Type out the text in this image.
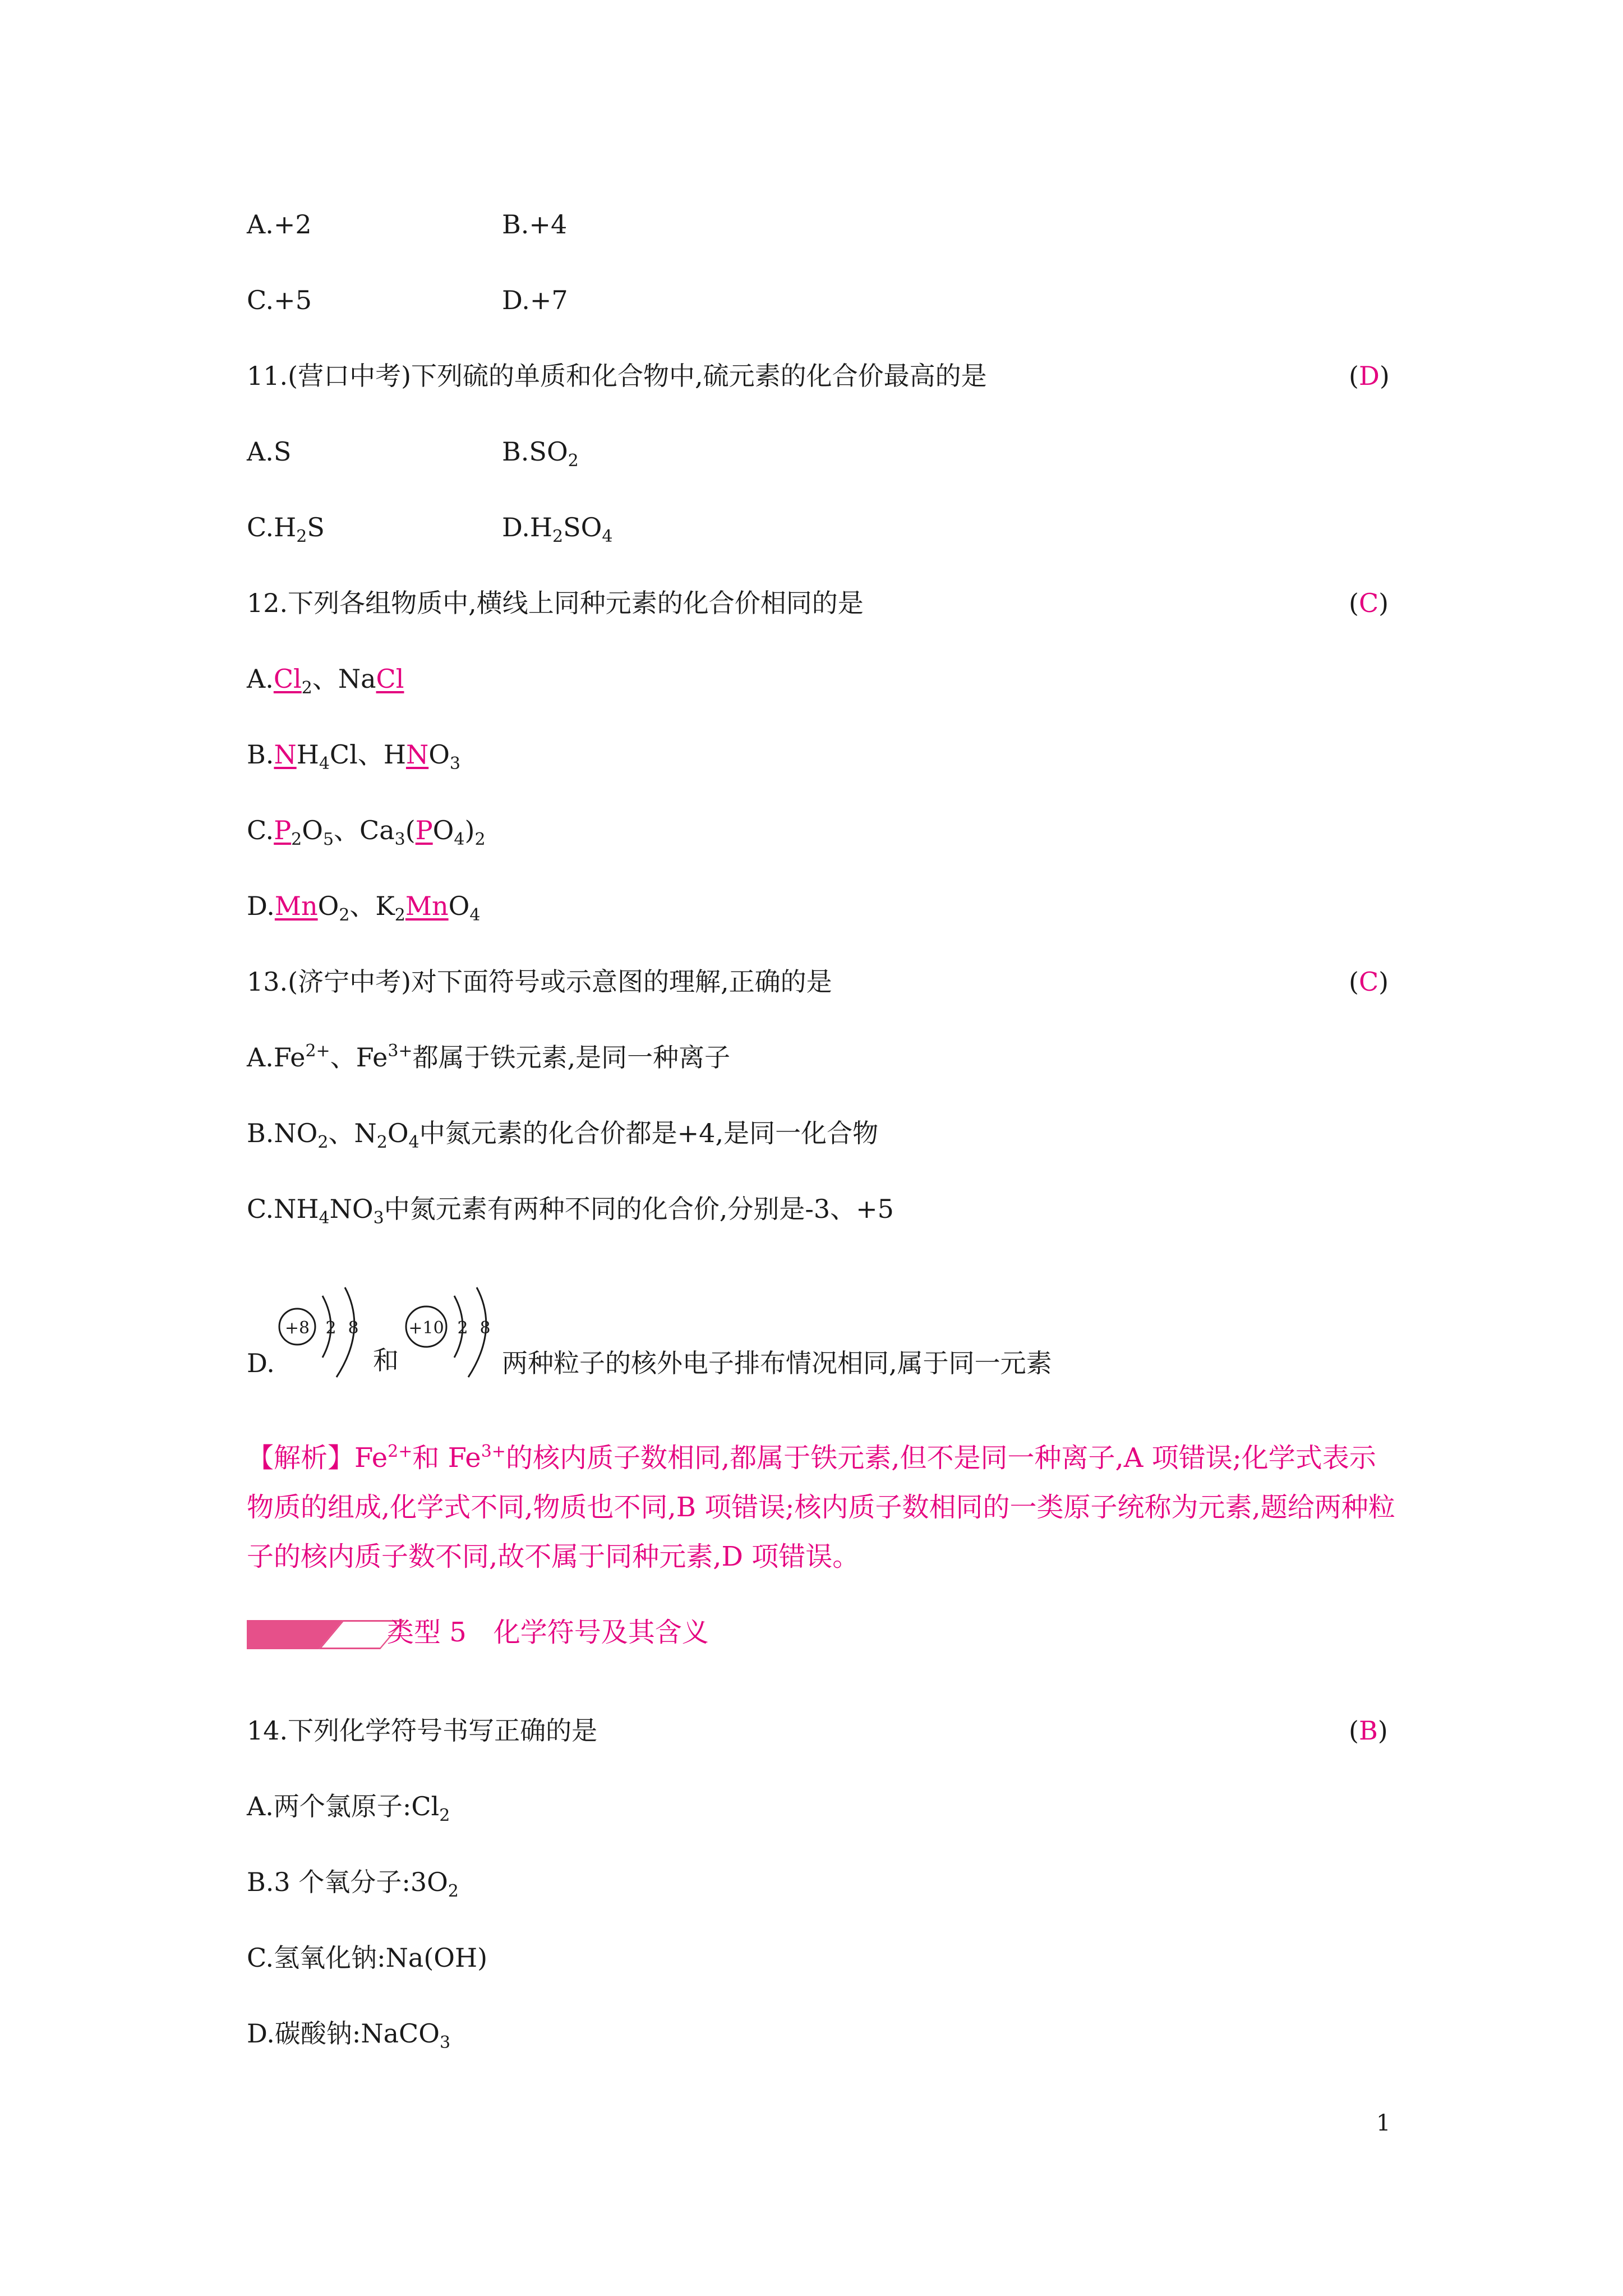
A.+2	B.+4
C.+5	D.+7
11.(营口中考)下列硫的单质和化合物中,硫元素的化合价最高的是	(D)
A.S	$B.SO_2$
$C.H_2S$	$D.H_2SO_4$
12.下列各组物质中,横线上同种元素的化合价相同的是	(C)
$A.Cl_2$、NaCl
$B.NH_4Cl$、$HNO_3$
$C.P_2O_5$、$Ca_3(PO_4)_2$
D.MnO$_2$、$K_2MnO_4$
13.(济宁中考)对下面符号或示意图的理解,正确的是	(C)
$A.Fe^{2+}$、$Fe^{3+}$都属于铁元素,是同一种离子
$B.NO_2$、$N_2O_4$中氮元素的化合价都是+4,是同一化合物
$C.NH_4NO_3$中氮元素有两种不同的化合价,分别是-3、+5
D.
+8 2 8
和
+10 2 8
两种粒子的核外电子排布情况相同,属于同一元素
【解析】$Fe^{2+}$和 $Fe^{3+}$的核内质子数相同,都属于铁元素,但不是同一种离子,A 项错误;化学式表示物质的组成,化学式不同,物质也不同,B 项错误;核内质子数相同的一类原子统称为元素,题给两种粒子的核内质子数不同,故不属于同种元素,D 项错误。
类型 5　化学符号及其含义
14.下列化学符号书写正确的是	(B)
A.两个氯原子$:Cl_2$
B.3 个氧分子$:3O_2$
C.氢氧化钠:Na(OH)
D.碳酸钠:NaCO$_3$
1
